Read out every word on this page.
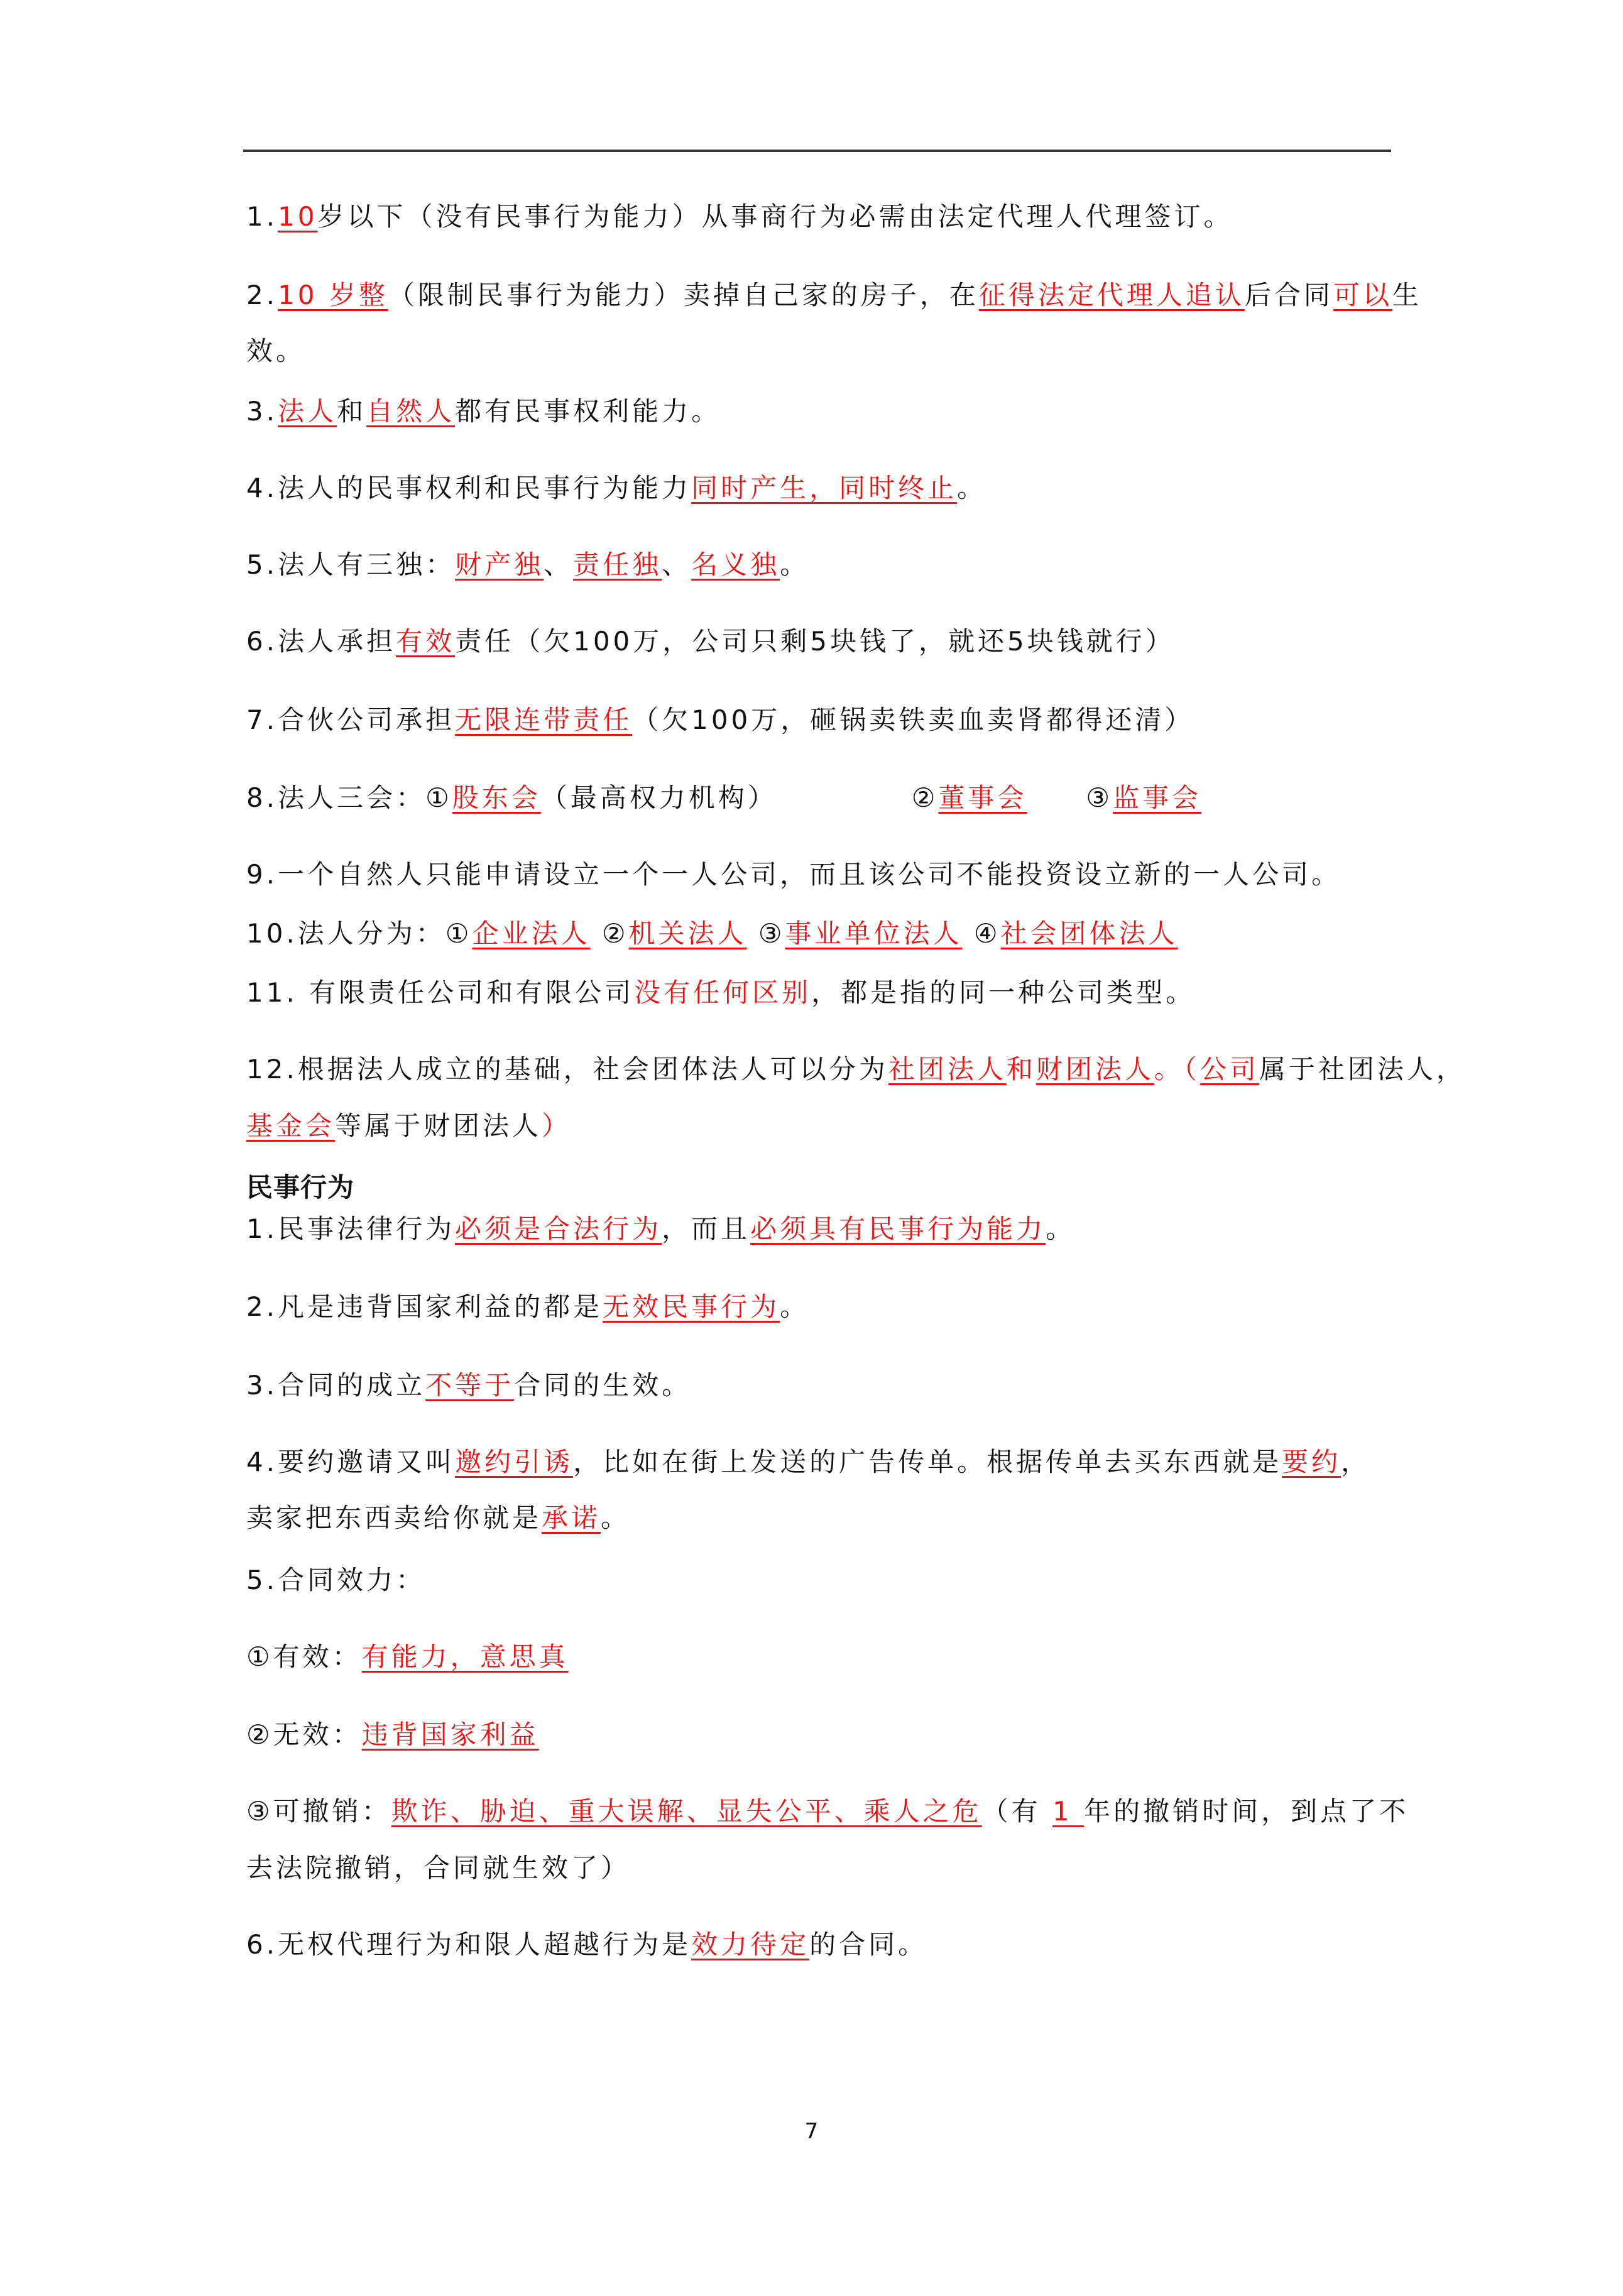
1.10岁以下（没有民事行为能力）从事商行为必需由法定代理人代理签订。
2.10 岁整（限制民事行为能力）卖掉自己家的房子，在征得法定代理人追认后合同可以生
效。
3.法人和自然人都有民事权利能力。
4.法人的民事权利和民事行为能力同时产生，同时终止。
5.法人有三独：财产独、责任独、名义独。
6.法人承担有效责任（欠100万，公司只剩5块钱了，就还5块钱就行）
7.合伙公司承担无限连带责任（欠100万，砸锅卖铁卖血卖肾都得还清）
8.法人三会：①股东会（最高权力机构）　　　　　②董事会　　③监事会
9.一个自然人只能申请设立一个一人公司，而且该公司不能投资设立新的一人公司。
10.法人分为：①企业法人 ②机关法人 ③事业单位法人 ④社会团体法人
11. 有限责任公司和有限公司没有任何区别，都是指的同一种公司类型。
12.根据法人成立的基础，社会团体法人可以分为社团法人和财团法人。（公司属于社团法人，
基金会等属于财团法人）
民事行为
1.民事法律行为必须是合法行为，而且必须具有民事行为能力。
2.凡是违背国家利益的都是无效民事行为。
3.合同的成立不等于合同的生效。
4.要约邀请又叫邀约引诱，比如在街上发送的广告传单。根据传单去买东西就是要约，
卖家把东西卖给你就是承诺。
5.合同效力：
①有效：有能力，意思真
②无效：违背国家利益
③可撤销：欺诈、胁迫、重大误解、显失公平、乘人之危（有 1 年的撤销时间，到点了不
去法院撤销，合同就生效了）
6.无权代理行为和限人超越行为是效力待定的合同。
7
